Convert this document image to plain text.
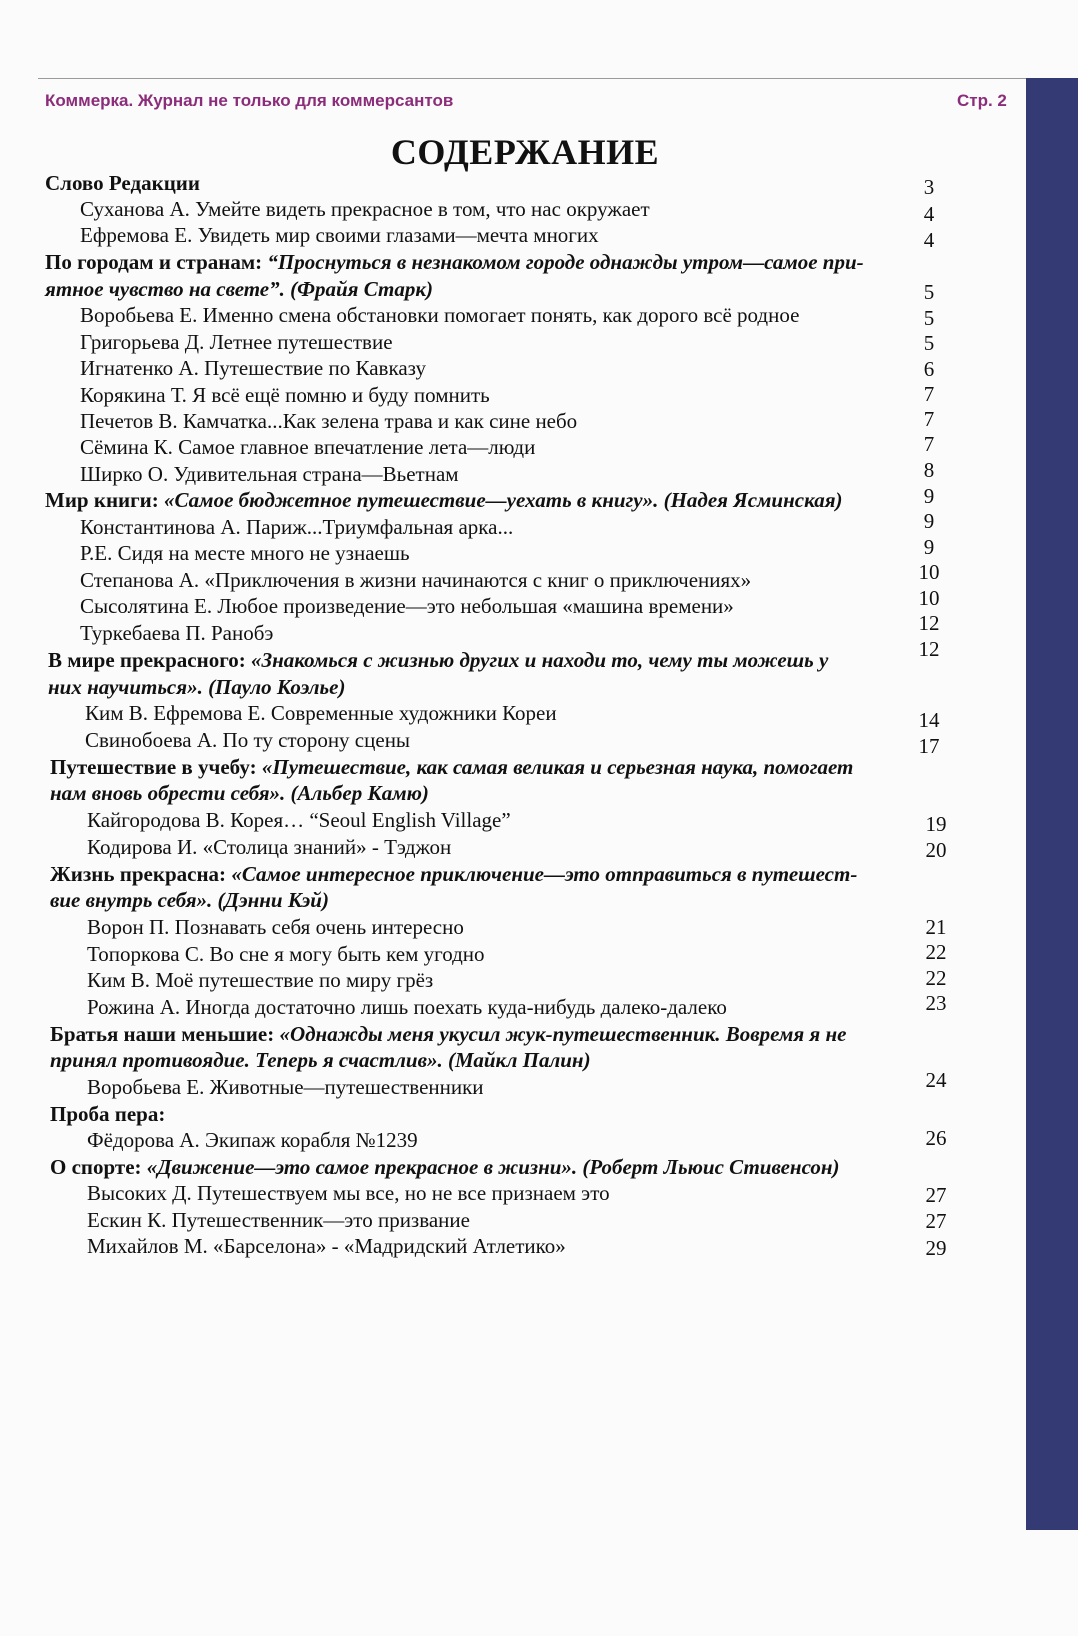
Коммерка. Журнал не только для коммерсантов	Стр. 2
СОДЕРЖАНИЕ
Слово Редакции	3
Суханова А. Умейте видеть прекрасное в том, что нас окружает	4
Ефремова Е. Увидеть мир своими глазами—мечта многих	4
По городам и странам: “Проснуться в незнакомом городе однажды утром—самое при-
ятное чувство на свете”. (Фрайя Старк)	5
Воробьева Е. Именно смена обстановки помогает понять, как дорого всё родное	5
Григорьева Д. Летнее путешествие	5
Игнатенко А. Путешествие по Кавказу	6
Корякина Т. Я всё ещё помню и буду помнить	7
Печетов В. Камчатка...Как зелена трава и как сине небо	7
Сёмина К. Самое главное впечатление лета—люди	7
Ширко О. Удивительная страна—Вьетнам	8
Мир книги: «Самое бюджетное путешествие—уехать в книгу». (Надея Ясминская)	9
Константинова А. Париж...Триумфальная арка...	9
Р.Е. Сидя на месте много не узнаешь	9
Степанова А. «Приключения в жизни начинаются с книг о приключениях»	10
Сысолятина Е. Любое произведение—это небольшая «машина времени»	10
Туркебаева П. Ранобэ	12
В мире прекрасного: «Знакомься с жизнью других и находи то, чему ты можешь у	12
них научиться». (Пауло Коэлье)
Ким В. Ефремова Е. Современные художники Кореи	14
Свинобоева А. По ту сторону сцены	17
Путешествие в учебу: «Путешествие, как самая великая и серьезная наука, помогает
нам вновь обрести себя». (Альбер Камю)
Кайгородова В. Корея… “Seoul English Village”	19
Кодирова И. «Столица знаний» - Тэджон	20
Жизнь прекрасна: «Самое интересное приключение—это отправиться в путешест-
вие внутрь себя». (Дэнни Кэй)
Ворон П. Познавать себя очень интересно	21
Топоркова С. Во сне я могу быть кем угодно	22
Ким В. Моё путешествие по миру грёз	22
Рожина А. Иногда достаточно лишь поехать куда-нибудь далеко-далеко	23
Братья наши меньшие: «Однажды меня укусил жук-путешественник. Вовремя я не
принял противоядие. Теперь я счастлив». (Майкл Палин)
Воробьева Е. Животные—путешественники	24
Проба пера:
Фёдорова А. Экипаж корабля №1239	26
О спорте: «Движение—это самое прекрасное в жизни». (Роберт Льюис Стивенсон)
Высоких Д. Путешествуем мы все, но не все признаем это	27
Ескин К. Путешественник—это призвание	27
Михайлов М. «Барселона» - «Мадридский Атлетико»	29
